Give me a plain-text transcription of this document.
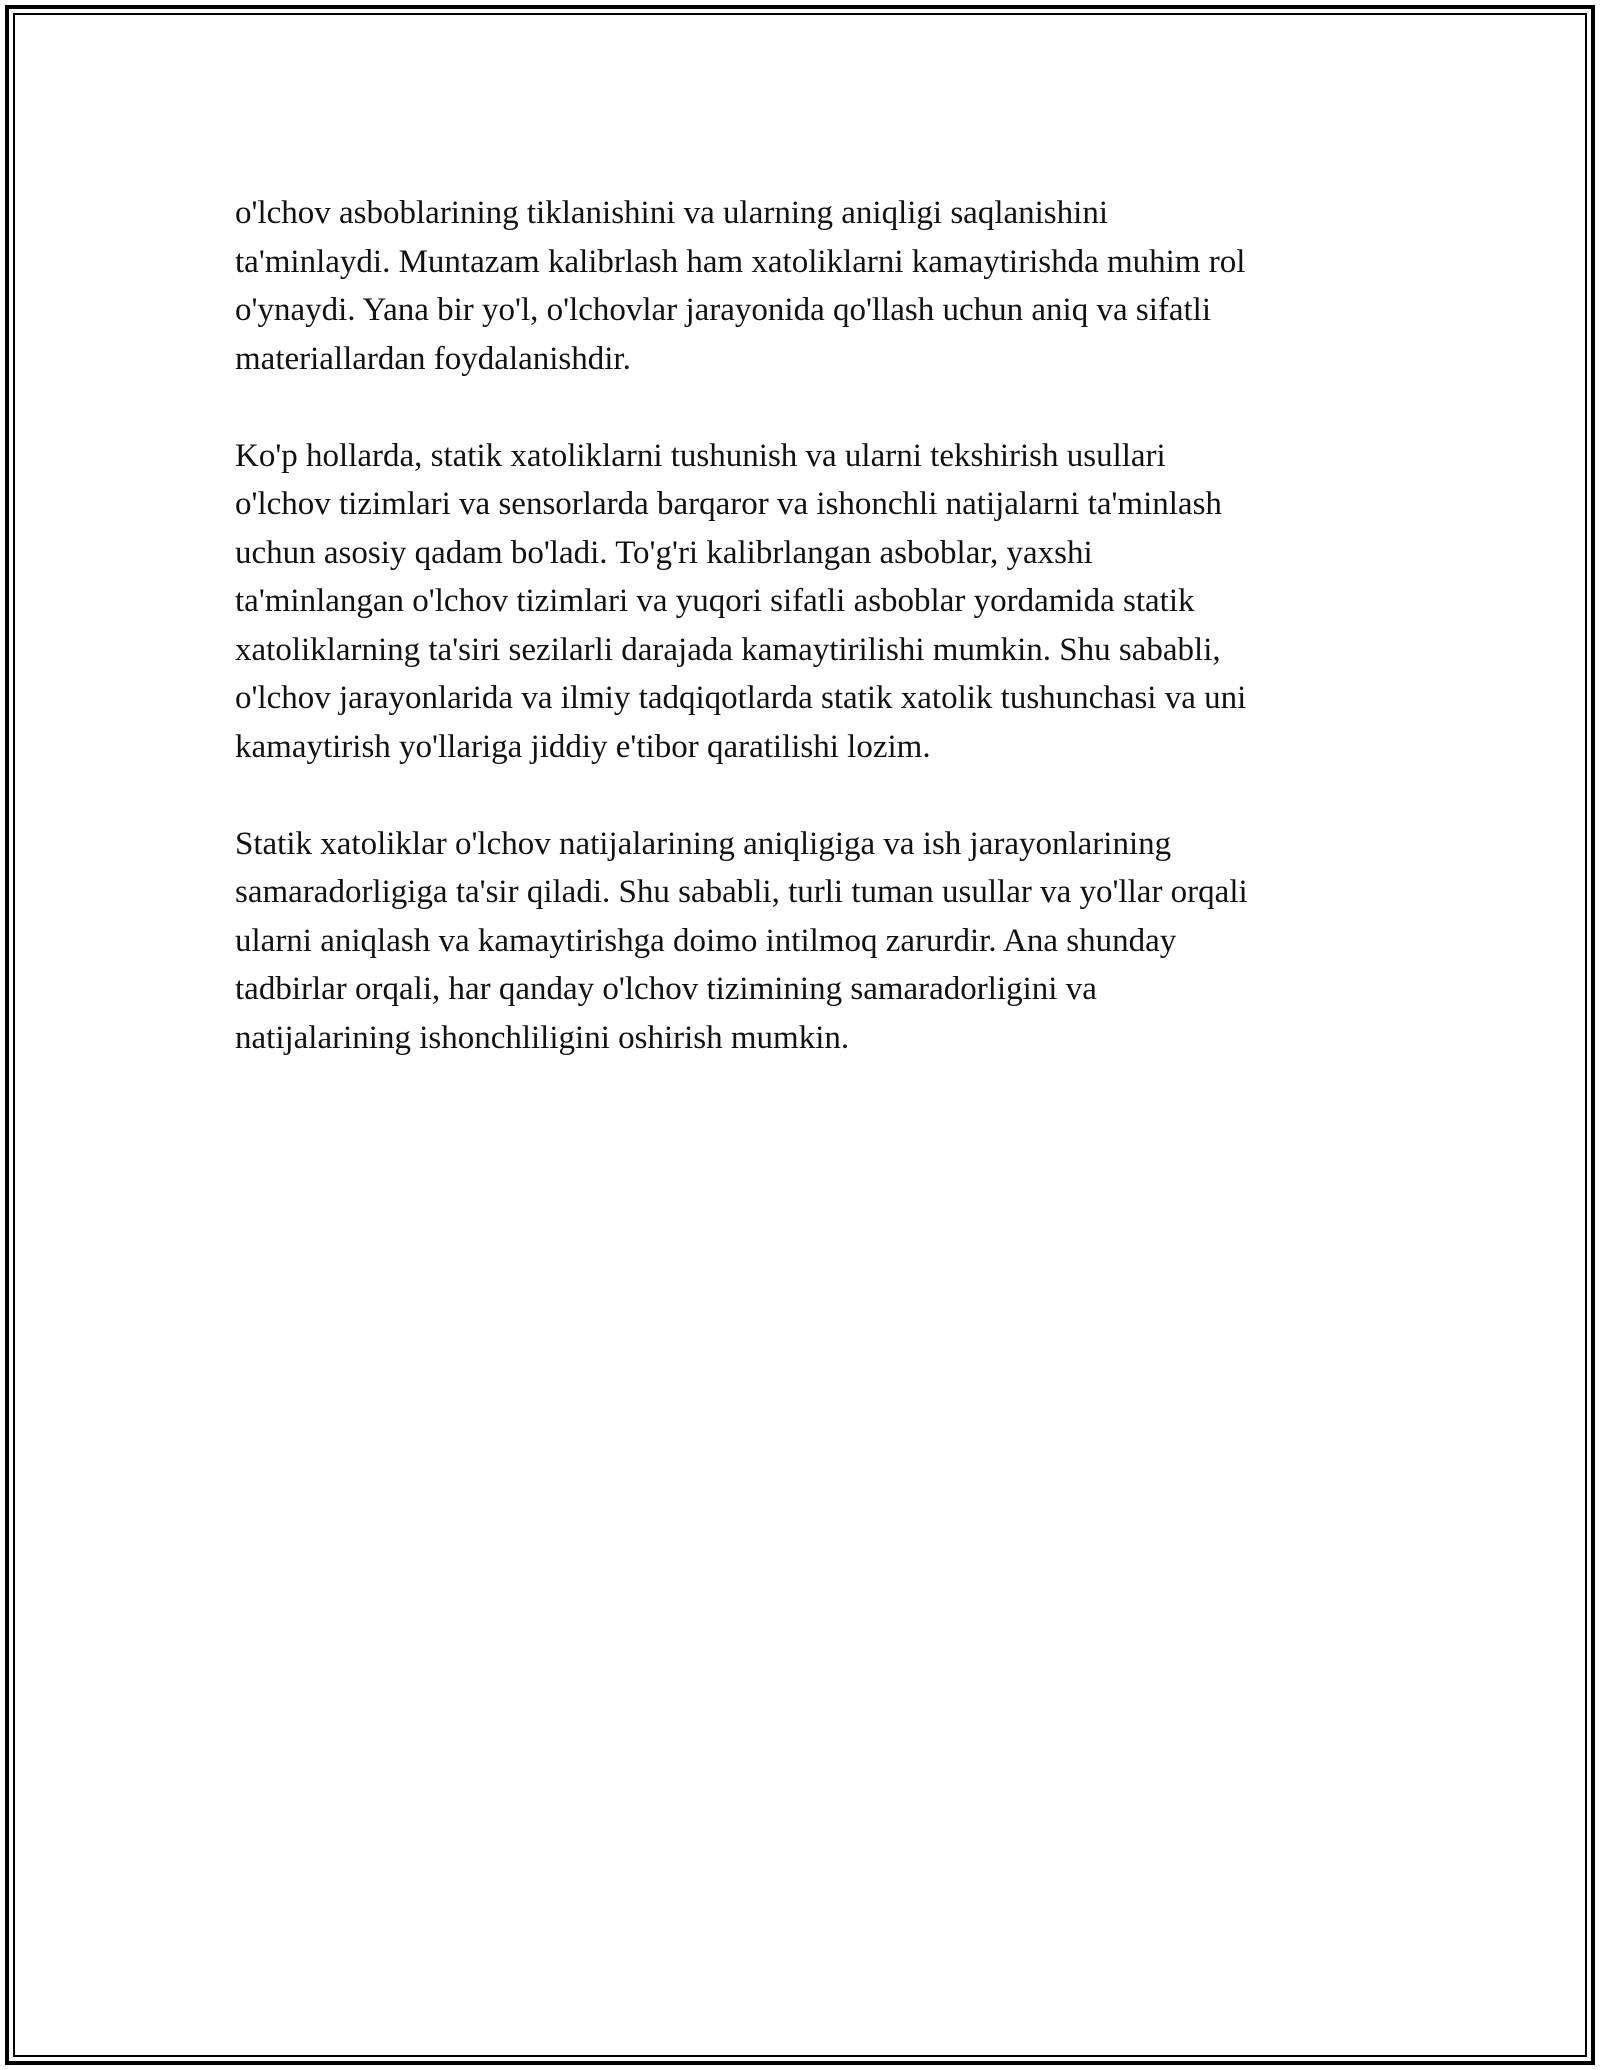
o'lchov asboblarining tiklanishini va ularning aniqligi saqlanishini
ta'minlaydi. Muntazam kalibrlash ham xatoliklarni kamaytirishda muhim rol
o'ynaydi. Yana bir yo'l, o'lchovlar jarayonida qo'llash uchun aniq va sifatli
materiallardan foydalanishdir.

Ko'p hollarda, statik xatoliklarni tushunish va ularni tekshirish usullari
o'lchov tizimlari va sensorlarda barqaror va ishonchli natijalarni ta'minlash
uchun asosiy qadam bo'ladi. To'g'ri kalibrlangan asboblar, yaxshi
ta'minlangan o'lchov tizimlari va yuqori sifatli asboblar yordamida statik
xatoliklarning ta'siri sezilarli darajada kamaytirilishi mumkin. Shu sababli,
o'lchov jarayonlarida va ilmiy tadqiqotlarda statik xatolik tushunchasi va uni
kamaytirish yo'llariga jiddiy e'tibor qaratilishi lozim.

Statik xatoliklar o'lchov natijalarining aniqligiga va ish jarayonlarining
samaradorligiga ta'sir qiladi. Shu sababli, turli tuman usullar va yo'llar orqali
ularni aniqlash va kamaytirishga doimo intilmoq zarurdir. Ana shunday
tadbirlar orqali, har qanday o'lchov tizimining samaradorligini va
natijalarining ishonchliligini oshirish mumkin.
